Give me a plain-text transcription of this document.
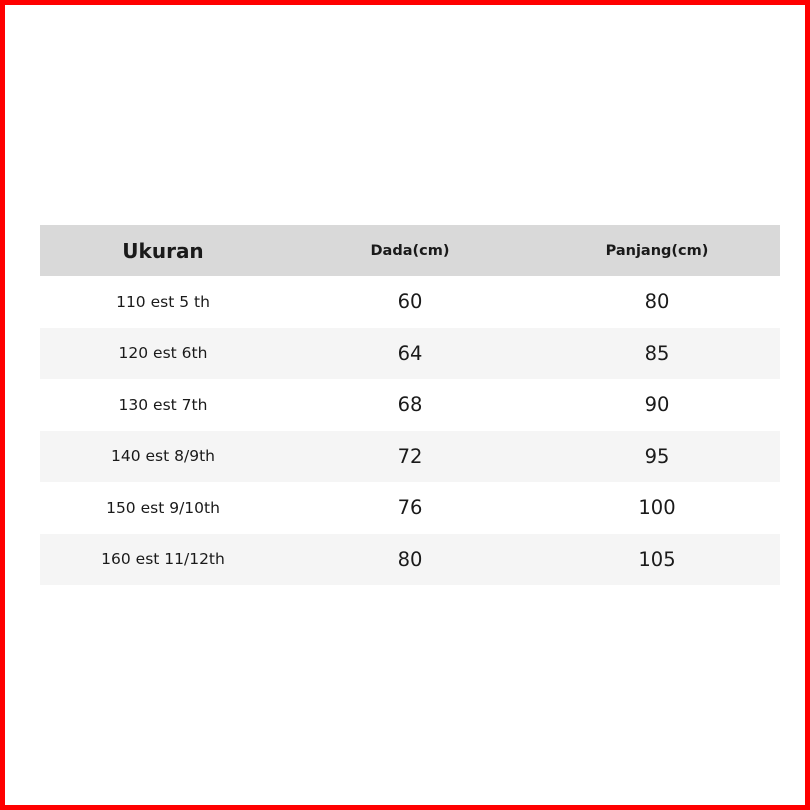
Ukuran	Dada(cm)	Panjang(cm)
110 est 5 th	60	80
120 est 6th	64	85
130 est 7th	68	90
140 est 8/9th	72	95
150 est 9/10th	76	100
160 est 11/12th	80	105
